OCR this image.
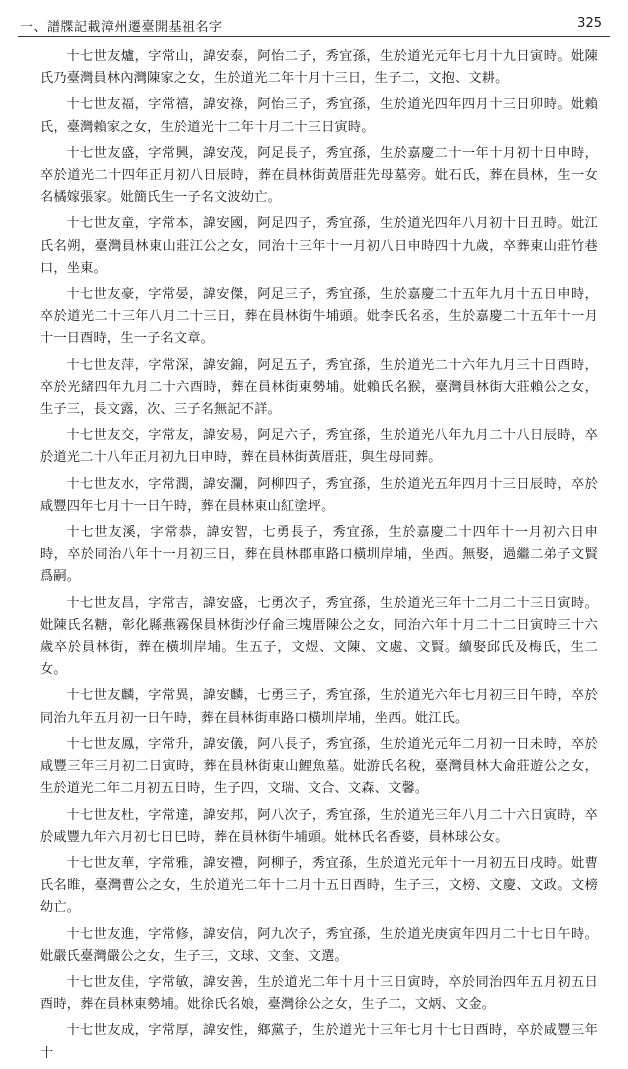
一、譜牒記載漳州遷臺開基祖名字	325

十七世友爐，字常山，諱安泰，阿怡二子，秀宜孫，生於道光元年七月十九日寅時。妣陳氏乃臺灣員林內灣陳家之女，生於道光二年十月十三日，生子二，文抱、文耕。

十七世友福，字常禧，諱安祿，阿怡三子，秀宜孫，生於道光四年四月十三日卯時。妣賴氏，臺灣賴家之女，生於道光十二年十月二十三日寅時。

十七世友盛，字常興，諱安茂，阿足長子，秀宜孫，生於嘉慶二十一年十月初十日申時，卒於道光二十四年正月初八日辰時，葬在員林街黃厝莊先母墓旁。妣石氏，葬在員林，生一女名橘嫁張家。妣簡氏生一子名文波幼亡。

十七世友童，字常本，諱安國，阿足四子，秀宜孫，生於道光四年八月初十日丑時。妣江氏名朔，臺灣員林東山莊江公之女，同治十三年十一月初八日申時四十九歲，卒葬東山莊竹巷口，坐東。

十七世友豪，字常晏，諱安傑，阿足三子，秀宜孫，生於嘉慶二十五年九月十五日申時，卒於道光二十三年八月二十三日，葬在員林街牛埔頭。妣李氏名丞，生於嘉慶二十五年十一月十一日酉時，生一子名文章。

十七世友萍，字常深，諱安錦，阿足五子，秀宜孫，生於道光二十六年九月三十日酉時，卒於光緒四年九月二十六酉時，葬在員林街東勢埔。妣賴氏名猴，臺灣員林街大莊賴公之女，生子三，長文露，次、三子名無記不詳。

十七世友交，字常友，諱安易，阿足六子，秀宜孫，生於道光八年九月二十八日辰時，卒於道光二十八年正月初九日申時，葬在員林街黃厝莊，與生母同葬。

十七世友水，字常潤，諱安瀾，阿柳四子，秀宜孫，生於道光五年四月十三日辰時，卒於咸豐四年七月十一日午時，葬在員林東山紅塗坪。

十七世友溪，字常恭，諱安智，七勇長子，秀宜孫，生於嘉慶二十四年十一月初六日申時，卒於同治八年十一月初三日，葬在員林郡車路口橫圳岸埔，坐西。無娶，過繼二弟子文賢爲嗣。

十七世友昌，字常吉，諱安盛，七勇次子，秀宜孫，生於道光三年十二月二十三日寅時。妣陳氏名糖，彰化縣燕霧保員林街沙仔侖三塊厝陳公之女，同治六年十月二十二日寅時三十六歲卒於員林街，葬在橫圳岸埔。生五子，文煜、文陳、文處、文賢。續娶邱氏及梅氏，生二女。

十七世友麟，字常異，諱安麟，七勇三子，秀宜孫，生於道光六年七月初三日午時，卒於同治九年五月初一日午時，葬在員林街車路口橫圳岸埔，坐西。妣江氏。

十七世友鳳，字常升，諱安儀，阿八長子，秀宜孫，生於道光元年二月初一日未時，卒於咸豐三年三月初二日寅時，葬在員林街東山鯉魚墓。妣游氏名稅，臺灣員林大侖莊遊公之女，生於道光二年二月初五日時，生子四，文瑞、文合、文森、文馨。

十七世友杜，字常達，諱安邦，阿八次子，秀宜孫，生於道光三年八月二十六日寅時，卒於咸豐九年六月初七日巳時，葬在員林街牛埔頭。妣林氏名香婆，員林球公女。

十七世友華，字常雅，諱安禮，阿柳子，秀宜孫，生於道光元年十一月初五日戌時。妣曹氏名睢，臺灣曹公之女，生於道光二年十二月十五日酉時，生子三，文榜、文慶、文政。文榜幼亡。

十七世友進，字常修，諱安信，阿九次子，秀宜孫，生於道光庚寅年四月二十七日午時。妣嚴氏臺灣嚴公之女，生子三，文球、文奎、文選。

十七世友佳，字常敏，諱安善，生於道光二年十月十三日寅時，卒於同治四年五月初五日酉時，葬在員林東勢埔。妣徐氏名娘，臺灣徐公之女，生子二，文炳、文金。

十七世友成，字常厚，諱安性，鄉黨子，生於道光十三年七月十七日酉時，卒於咸豐三年十
